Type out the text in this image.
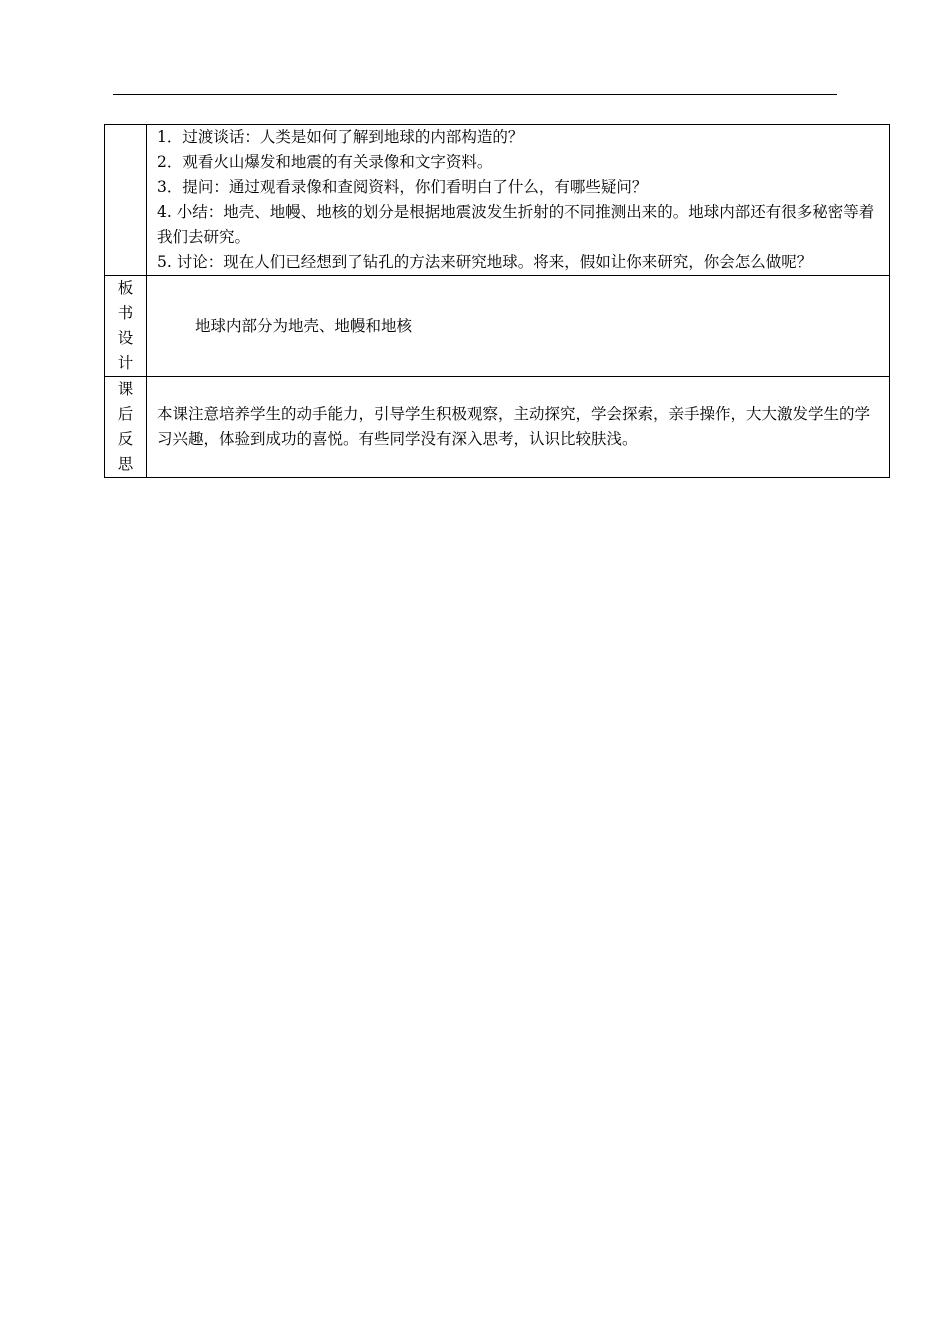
	1．过渡谈话：人类是如何了解到地球的内部构造的？
2．观看火山爆发和地震的有关录像和文字资料。
3．提问：通过观看录像和查阅资料，你们看明白了什么，有哪些疑问？
4. 小结：地壳、地幔、地核的划分是根据地震波发生折射的不同推测出来的。地球内部还有很多秘密等着我们去研究。
5. 讨论：现在人们已经想到了钻孔的方法来研究地球。将来，假如让你来研究，你会怎么做呢？

板
书
设
计	地球内部分为地壳、地幔和地核

课
后
反
思	本课注意培养学生的动手能力，引导学生积极观察，主动探究，学会探索，亲手操作，大大激发学生的学习兴趣，体验到成功的喜悦。有些同学没有深入思考，认识比较肤浅。
